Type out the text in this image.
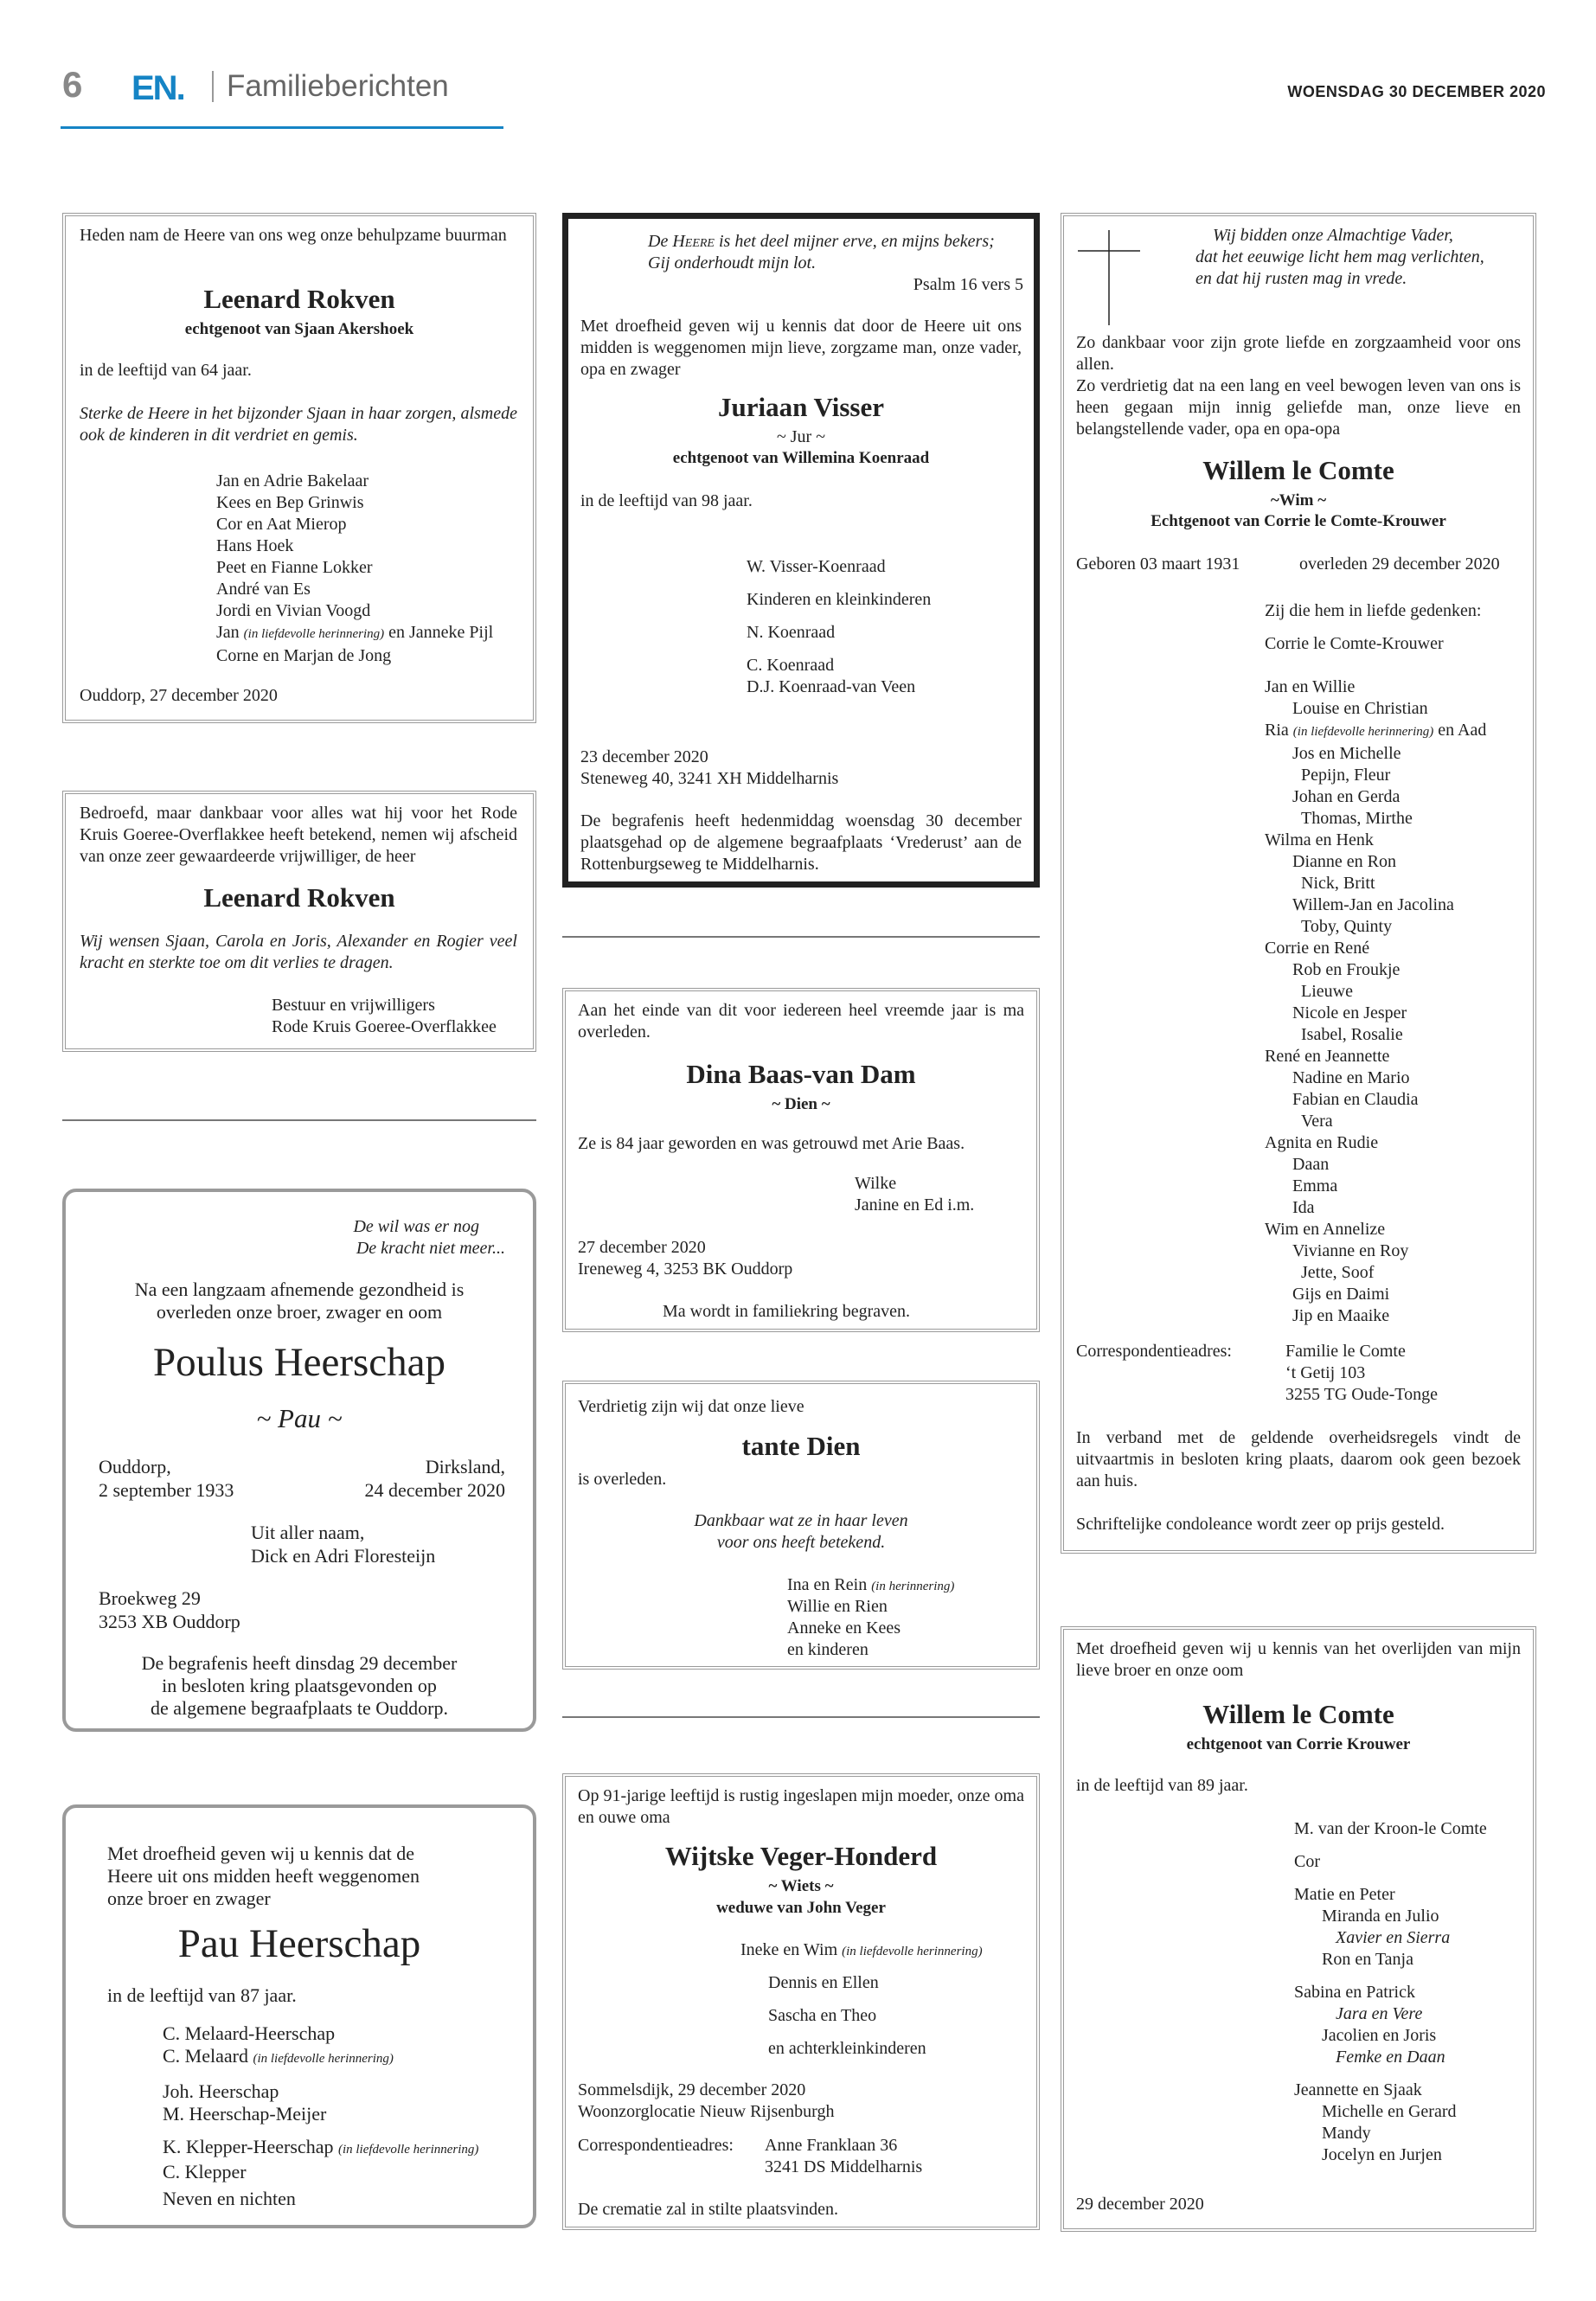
6 EN. Familieberichten	WOENSDAG 30 DECEMBER 2020
Heden nam de Heere van ons weg onze behulpzame buurman
Leenard Rokven
echtgenoot van Sjaan Akershoek
in de leeftijd van 64 jaar.
Sterke de Heere in het bijzonder Sjaan in haar zorgen, alsmede ook de kinderen in dit verdriet en gemis.
Jan en Adrie Bakelaar
Kees en Bep Grinwis
Cor en Aat Mierop
Hans Hoek
Peet en Fianne Lokker
André van Es
Jordi en Vivian Voogd
Jan (in liefdevolle herinnering) en Janneke Pijl
Corne en Marjan de Jong
Ouddorp, 27 december 2020
Bedroefd, maar dankbaar voor alles wat hij voor het Rode Kruis Goeree-Overflakkee heeft betekend, nemen wij afscheid van onze zeer gewaardeerde vrijwilliger, de heer
Leenard Rokven
Wij wensen Sjaan, Carola en Joris, Alexander en Rogier veel kracht en sterkte toe om dit verlies te dragen.
Bestuur en vrijwilligers
Rode Kruis Goeree-Overflakkee
De wil was er nog
De kracht niet meer...
Na een langzaam afnemende gezondheid is
overleden onze broer, zwager en oom
Poulus Heerschap
~ Pau ~
Ouddorp,
2 september 1933
Dirksland,
24 december 2020
Uit aller naam,
Dick en Adri Floresteijn
Broekweg 29
3253 XB Ouddorp
De begrafenis heeft dinsdag 29 december
in besloten kring plaatsgevonden op
de algemene begraafplaats te Ouddorp.
Met droefheid geven wij u kennis dat de
Heere uit ons midden heeft weggenomen
onze broer en zwager
Pau Heerschap
in de leeftijd van 87 jaar.
C. Melaard-Heerschap
C. Melaard (in liefdevolle herinnering)
Joh. Heerschap
M. Heerschap-Meijer
K. Klepper-Heerschap (in liefdevolle herinnering)
C. Klepper
Neven en nichten
De Heere is het deel mijner erve, en mijns bekers;
Gij onderhoudt mijn lot.
Psalm 16 vers 5
Met droefheid geven wij u kennis dat door de Heere uit ons midden is weggenomen mijn lieve, zorgzame man, onze vader, opa en zwager
Juriaan Visser
~ Jur ~
echtgenoot van Willemina Koenraad
in de leeftijd van 98 jaar.
W. Visser-Koenraad
Kinderen en kleinkinderen
N. Koenraad
C. Koenraad
D.J. Koenraad-van Veen
23 december 2020
Steneweg 40, 3241 XH Middelharnis
De begrafenis heeft hedenmiddag woensdag 30 december plaatsgehad op de algemene begraafplaats ‘Vrederust’ aan de Rottenburgseweg te Middelharnis.
Aan het einde van dit voor iedereen heel vreemde jaar is ma overleden.
Dina Baas-van Dam
~ Dien ~
Ze is 84 jaar geworden en was getrouwd met Arie Baas.
Wilke
Janine en Ed i.m.
27 december 2020
Ireneweg 4, 3253 BK Ouddorp
Ma wordt in familiekring begraven.
Verdrietig zijn wij dat onze lieve
tante Dien
is overleden.
Dankbaar wat ze in haar leven
voor ons heeft betekend.
Ina en Rein (in herinnering)
Willie en Rien
Anneke en Kees
en kinderen
Op 91-jarige leeftijd is rustig ingeslapen mijn moeder, onze oma en ouwe oma
Wijtske Veger-Honderd
~ Wiets ~
weduwe van John Veger
Ineke en Wim (in liefdevolle herinnering)
Dennis en Ellen
Sascha en Theo
en achterkleinkinderen
Sommelsdijk, 29 december 2020
Woonzorglocatie Nieuw Rijsenburgh
Correspondentieadres: Anne Franklaan 36
3241 DS Middelharnis
De crematie zal in stilte plaatsvinden.
Wij bidden onze Almachtige Vader,
dat het eeuwige licht hem mag verlichten,
en dat hij rusten mag in vrede.
Zo dankbaar voor zijn grote liefde en zorgzaamheid voor ons allen.
Zo verdrietig dat na een lang en veel bewogen leven van ons is heen gegaan mijn innig geliefde man, onze lieve en belangstellende vader, opa en opa-opa
Willem le Comte
~Wim ~
Echtgenoot van Corrie le Comte-Krouwer
Geboren 03 maart 1931	overleden 29 december 2020
Zij die hem in liefde gedenken:
Corrie le Comte-Krouwer
Jan en Willie
Louise en Christian
Ria (in liefdevolle herinnering) en Aad
Jos en Michelle
Pepijn, Fleur
Johan en Gerda
Thomas, Mirthe
Wilma en Henk
Dianne en Ron
Nick, Britt
Willem-Jan en Jacolina
Toby, Quinty
Corrie en René
Rob en Froukje
Lieuwe
Nicole en Jesper
Isabel, Rosalie
René en Jeannette
Nadine en Mario
Fabian en Claudia
Vera
Agnita en Rudie
Daan
Emma
Ida
Wim en Annelize
Vivianne en Roy
Jette, Soof
Gijs en Daimi
Jip en Maaike
Correspondentieadres:	Familie le Comte
‘t Getij 103
3255 TG Oude-Tonge
In verband met de geldende overheidsregels vindt de uitvaartmis in besloten kring plaats, daarom ook geen bezoek aan huis.
Schriftelijke condoleance wordt zeer op prijs gesteld.
Met droefheid geven wij u kennis van het overlijden van mijn lieve broer en onze oom
Willem le Comte
echtgenoot van Corrie Krouwer
in de leeftijd van 89 jaar.
M. van der Kroon-le Comte
Cor
Matie en Peter
Miranda en Julio
Xavier en Sierra
Ron en Tanja
Sabina en Patrick
Jara en Vere
Jacolien en Joris
Femke en Daan
Jeannette en Sjaak
Michelle en Gerard
Mandy
Jocelyn en Jurjen
29 december 2020
